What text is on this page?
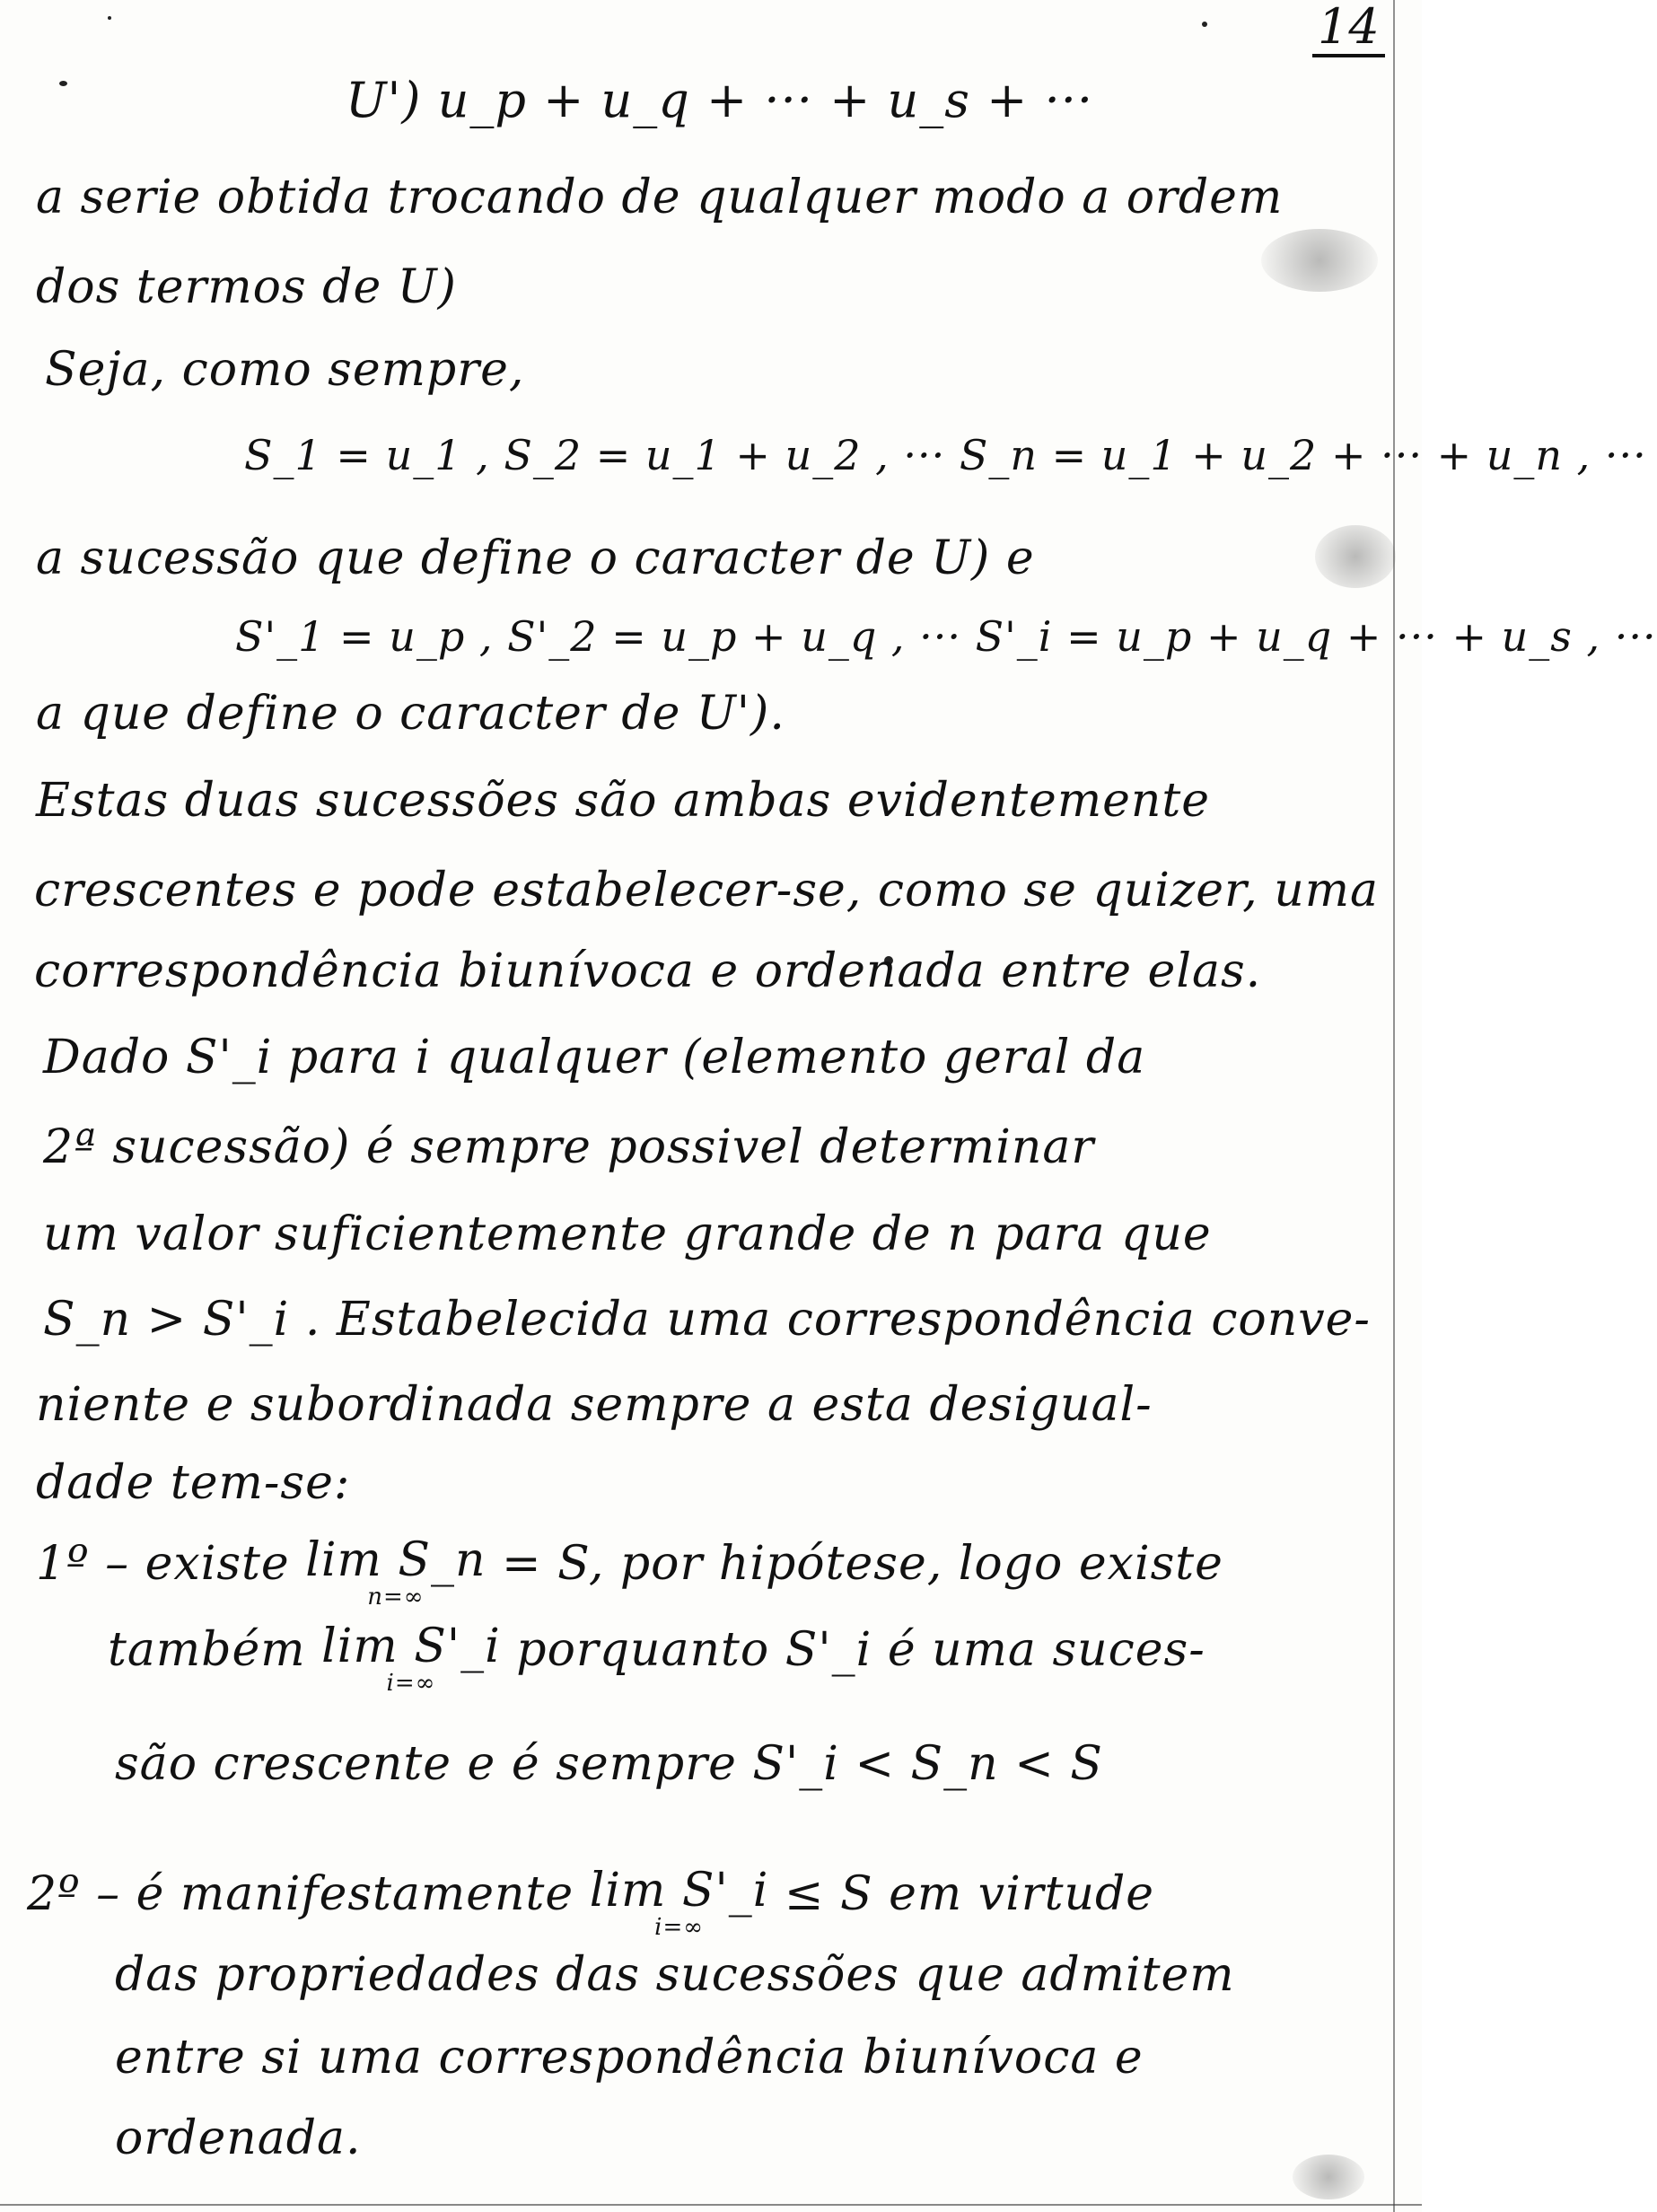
14
U') u_p + u_q + ··· + u_s + ···
a serie obtida trocando de qualquer modo a ordem
dos termos de U)
Seja, como sempre,
S_1 = u_1 , S_2 = u_1 + u_2 , ··· S_n = u_1 + u_2 + ··· + u_n , ···
a sucessão que define o caracter de U) e
S'_1 = u_p , S'_2 = u_p + u_q , ··· S'_i = u_p + u_q + ··· + u_s , ···
a que define o caracter de U').
Estas duas sucessões são ambas evidentemente
crescentes e pode estabelecer-se, como se quizer, uma
correspondência biunívoca e ordenada entre elas.
Dado S'_i para i qualquer (elemento geral da
2ª sucessão) é sempre possivel determinar
um valor suficientemente grande de n para que
S_n > S'_i . Estabelecida uma correspondência conve-
niente e subordinada sempre a esta desigual-
dade tem-se:
1º – existe lim S_n
n=∞
= S, por hipótese, logo existe
também lim S'_i
i=∞
porquanto S'_i é uma suces-
são crescente e é sempre S'_i < S_n < S
2º – é manifestamente lim S'_i
i=∞
≤ S em virtude
das propriedades das sucessões que admitem
entre si uma correspondência biunívoca e
ordenada.
